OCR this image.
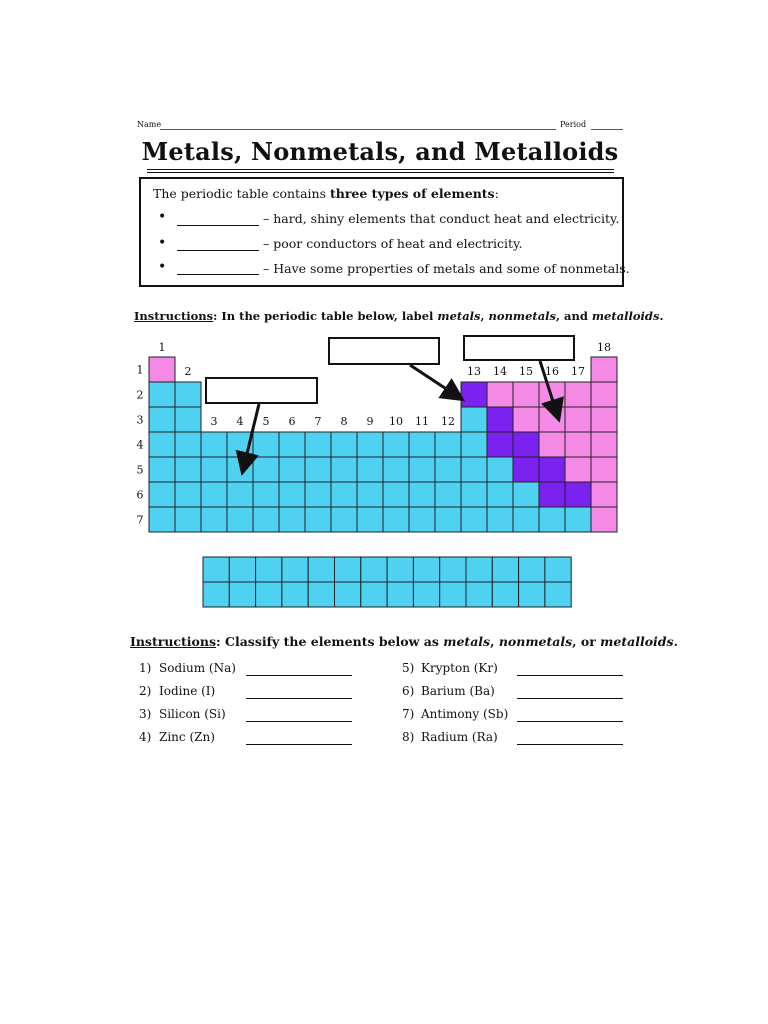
Name	Period
Metals, Nonmetals, and Metalloids
The periodic table contains three types of elements:
•	– hard, shiny elements that conduct heat and electricity.
•	– poor conductors of heat and electricity.
•	– Have some properties of metals and some of nonmetals.
Instructions: In the periodic table below, label metals, nonmetals, and metalloids.
1
2
3 4 5 6 7 8 9 10 11 12
13 14 15 16 17
18
1
2
3
4
5
6
7
Instructions: Classify the elements below as metals, nonmetals, or metalloids.
1) Sodium (Na)
2) Iodine (I)
3) Silicon (Si)
4) Zinc (Zn)
5) Krypton (Kr)
6) Barium (Ba)
7) Antimony (Sb)
8) Radium (Ra)
